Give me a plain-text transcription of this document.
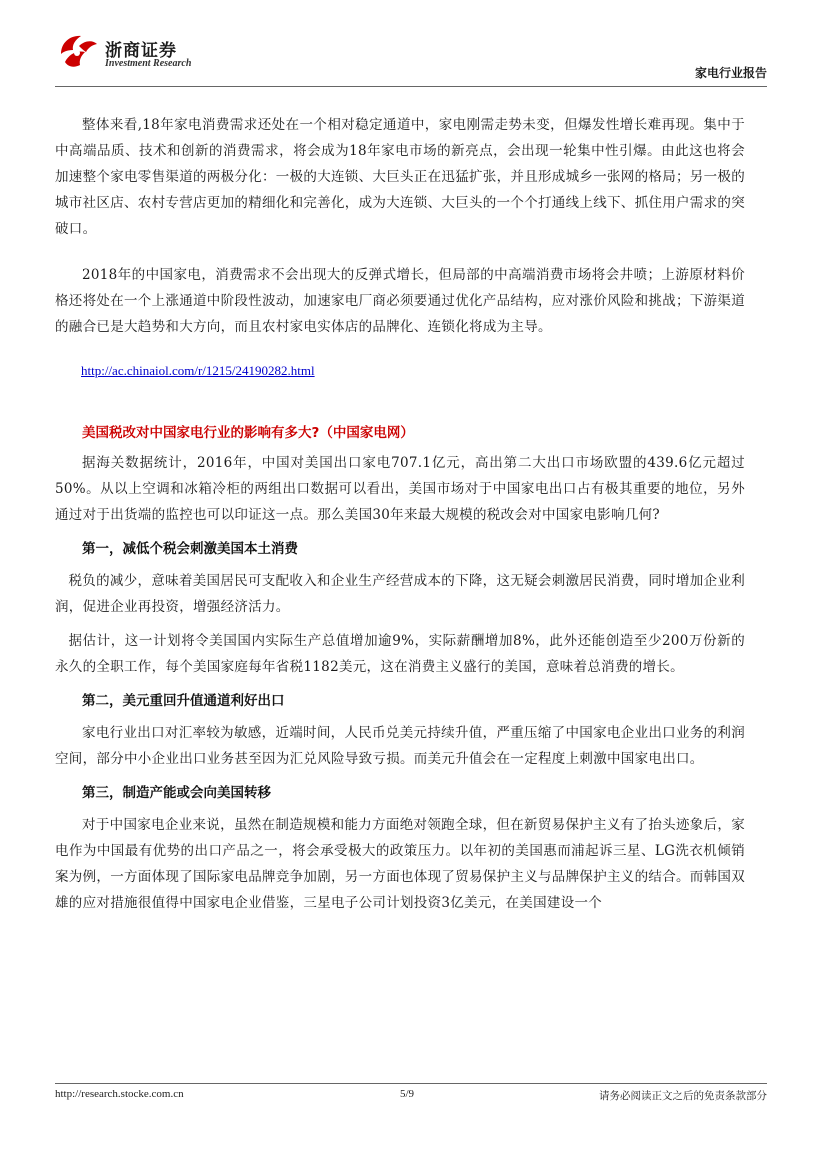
浙商证券
Investment Research
家电行业报告

整体来看,18年家电消费需求还处在一个相对稳定通道中，家电刚需走势未变，但爆发性增长难再现。集中于中高端品质、技术和创新的消费需求，将会成为18年家电市场的新亮点，会出现一轮集中性引爆。由此这也将会加速整个家电零售渠道的两极分化：一极的大连锁、大巨头正在迅猛扩张，并且形成城乡一张网的格局；另一极的城市社区店、农村专营店更加的精细化和完善化，成为大连锁、大巨头的一个个打通线上线下、抓住用户需求的突破口。

2018年的中国家电，消费需求不会出现大的反弹式增长，但局部的中高端消费市场将会井喷；上游原材料价格还将处在一个上涨通道中阶段性波动，加速家电厂商必须要通过优化产品结构，应对涨价风险和挑战；下游渠道的融合已是大趋势和大方向，而且农村家电实体店的品牌化、连锁化将成为主导。

http://ac.chinaiol.com/r/1215/24190282.html
美国税改对中国家电行业的影响有多大?（中国家电网）

据海关数据统计，2016年，中国对美国出口家电707.1亿元，高出第二大出口市场欧盟的439.6亿元超过50%。从以上空调和冰箱冷柜的两组出口数据可以看出，美国市场对于中国家电出口占有极其重要的地位，另外通过对于出货端的监控也可以印证这一点。那么美国30年来最大规模的税改会对中国家电影响几何?

第一，减低个税会刺激美国本土消费

税负的减少，意味着美国居民可支配收入和企业生产经营成本的下降，这无疑会刺激居民消费，同时增加企业利润，促进企业再投资，增强经济活力。

据估计，这一计划将令美国国内实际生产总值增加逾9%，实际薪酬增加8%，此外还能创造至少200万份新的永久的全职工作，每个美国家庭每年省税1182美元，这在消费主义盛行的美国，意味着总消费的增长。

第二，美元重回升值通道利好出口

家电行业出口对汇率较为敏感，近端时间，人民币兑美元持续升值，严重压缩了中国家电企业出口业务的利润空间，部分中小企业出口业务甚至因为汇兑风险导致亏损。而美元升值会在一定程度上刺激中国家电出口。

第三，制造产能或会向美国转移

对于中国家电企业来说，虽然在制造规模和能力方面绝对领跑全球，但在新贸易保护主义有了抬头迹象后，家电作为中国最有优势的出口产品之一，将会承受极大的政策压力。以年初的美国惠而浦起诉三星、LG洗衣机倾销案为例，一方面体现了国际家电品牌竞争加剧，另一方面也体现了贸易保护主义与品牌保护主义的结合。而韩国双雄的应对措施很值得中国家电企业借鉴，三星电子公司计划投资3亿美元，在美国建设一个

http://research.stocke.com.cn	5/9	请务必阅读正文之后的免责条款部分
